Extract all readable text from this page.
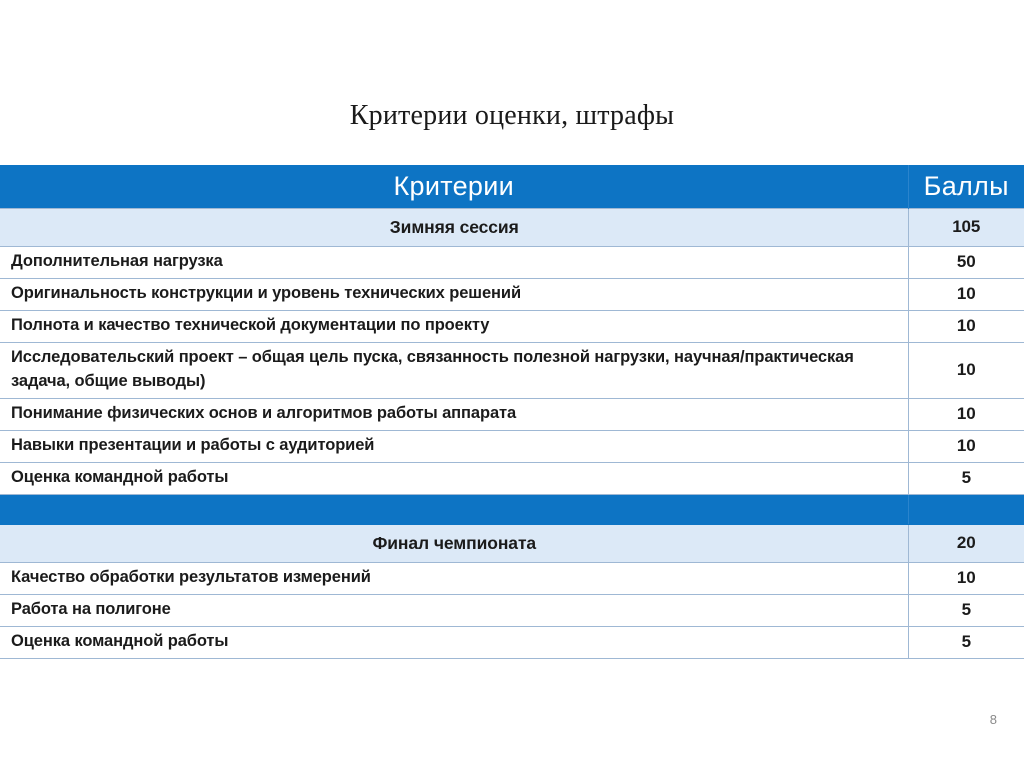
Критерии оценки, штрафы
Критерии	Баллы
Зимняя сессия	105
Дополнительная нагрузка	50
Оригинальность конструкции и уровень технических решений	10
Полнота и качество технической документации по проекту	10
Исследовательский проект – общая цель пуска, связанность полезной нагрузки, научная/практическая задача, общие выводы)	10
Понимание физических основ и алгоритмов работы аппарата	10
Навыки презентации и работы с аудиторией	10
Оценка командной работы	5

Финал чемпионата	20
Качество обработки результатов измерений	10
Работа на полигоне	5
Оценка командной работы	5
8
